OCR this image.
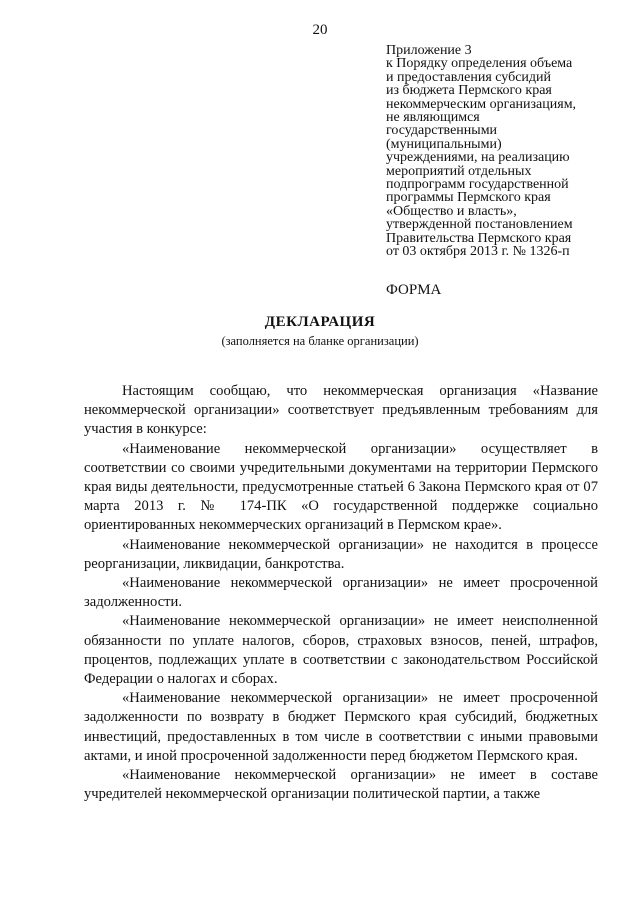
20
Приложение 3
к Порядку определения объема
и предоставления субсидий
из бюджета Пермского края
некоммерческим организациям,
не являющимся
государственными
(муниципальными)
учреждениями, на реализацию
мероприятий отдельных
подпрограмм государственной
программы Пермского края
«Общество и власть»,
утвержденной постановлением
Правительства Пермского края
от 03 октября 2013 г. № 1326-п
ФОРМА
ДЕКЛАРАЦИЯ
(заполняется на бланке организации)

Настоящим сообщаю, что некоммерческая организация «Название некоммерческой организации» соответствует предъявленным требованиям для участия в конкурсе:

«Наименование некоммерческой организации» осуществляет в соответствии со своими учредительными документами на территории Пермского края виды деятельности, предусмотренные статьей 6 Закона Пермского края от 07 марта 2013 г. № 174-ПК «О государственной поддержке социально ориентированных некоммерческих организаций в Пермском крае».

«Наименование некоммерческой организации» не находится в процессе реорганизации, ликвидации, банкротства.

«Наименование некоммерческой организации» не имеет просроченной задолженности.

«Наименование некоммерческой организации» не имеет неисполненной обязанности по уплате налогов, сборов, страховых взносов, пеней, штрафов, процентов, подлежащих уплате в соответствии с законодательством Российской Федерации о налогах и сборах.

«Наименование некоммерческой организации» не имеет просроченной задолженности по возврату в бюджет Пермского края субсидий, бюджетных инвестиций, предоставленных в том числе в соответствии с иными правовыми актами, и иной просроченной задолженности перед бюджетом Пермского края.

«Наименование некоммерческой организации» не имеет в составе учредителей некоммерческой организации политической партии, а также
